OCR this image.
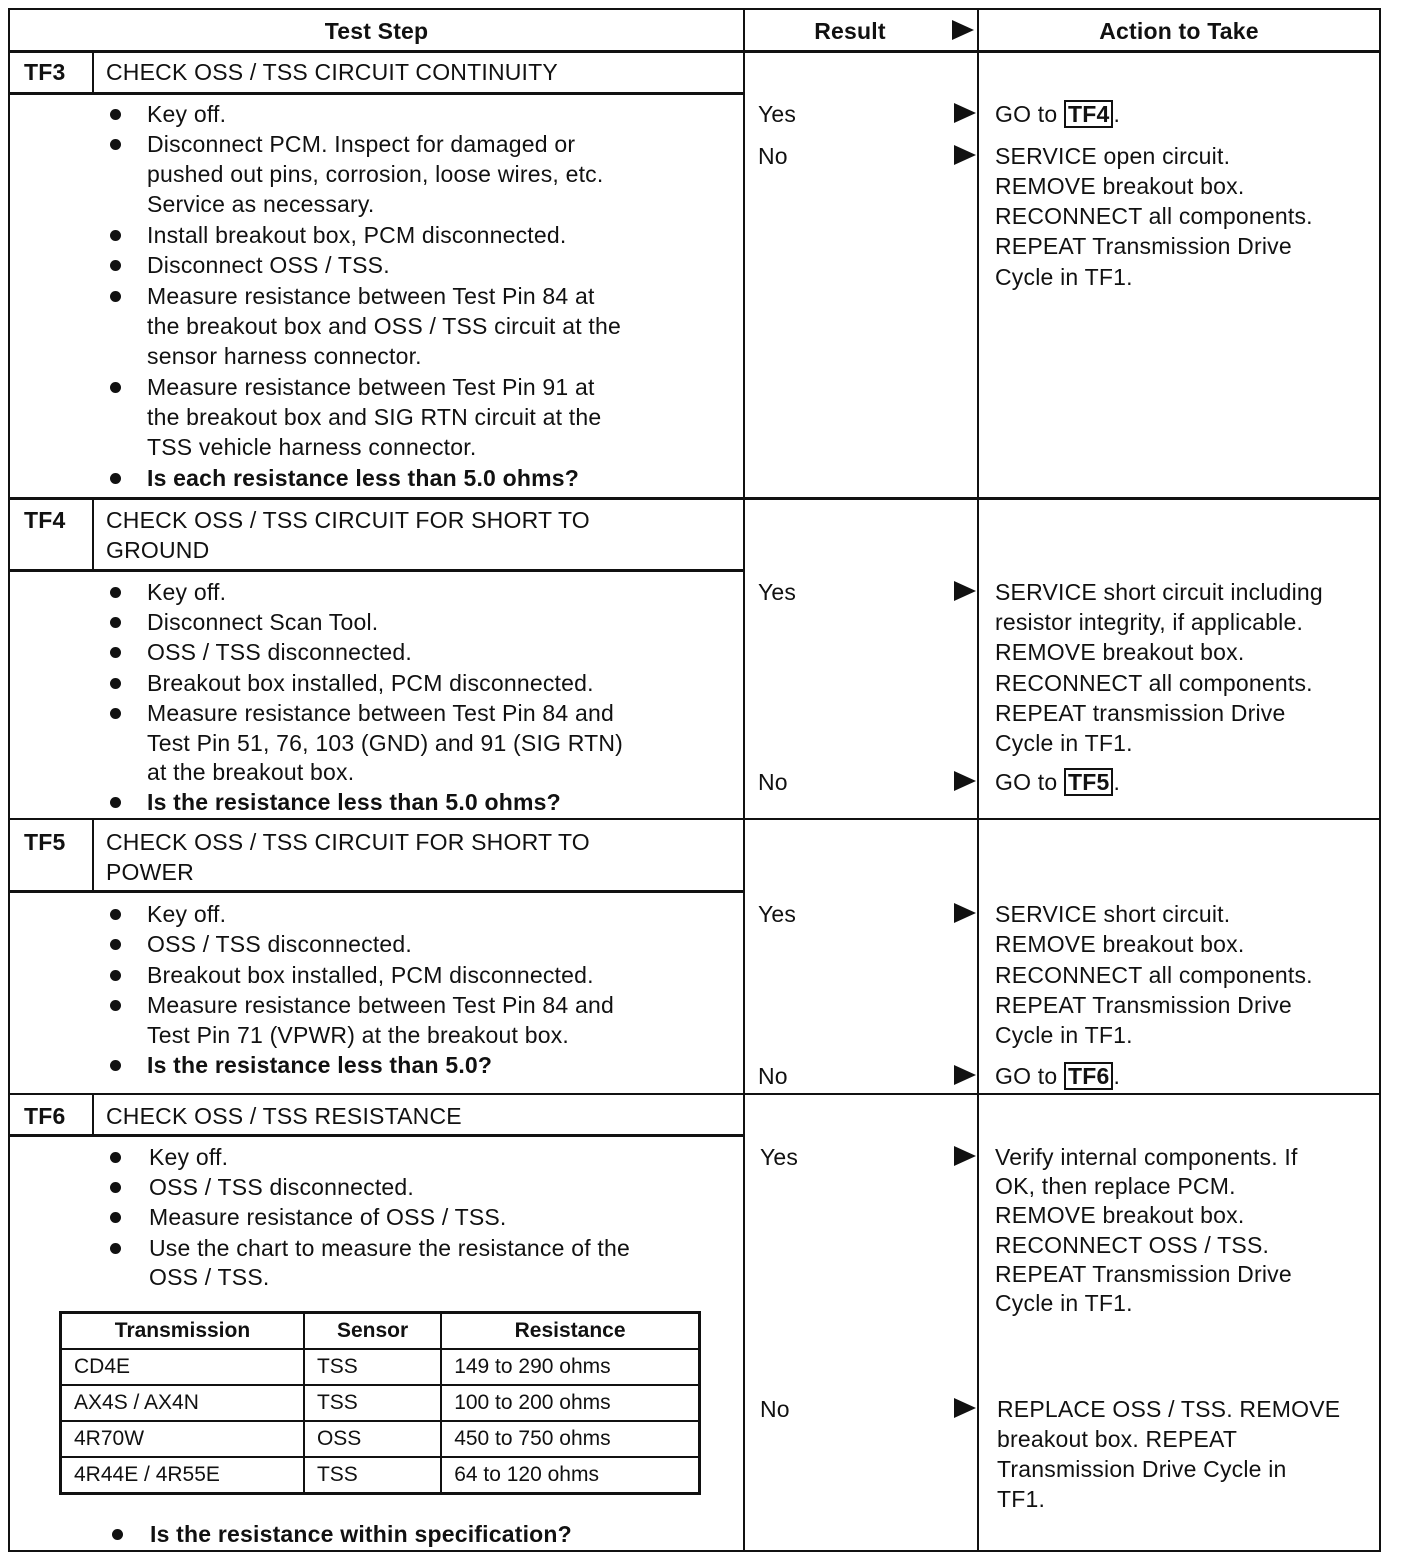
Test Step	Result	Action to Take
TF3 CHECK OSS / TSS CIRCUIT CONTINUITY
Key off.
Disconnect PCM. Inspect for damaged or
pushed out pins, corrosion, loose wires, etc.
Service as necessary.
Install breakout box, PCM disconnected.
Disconnect OSS / TSS.
Measure resistance between Test Pin 84 at
the breakout box and OSS / TSS circuit at the
sensor harness connector.
Measure resistance between Test Pin 91 at
the breakout box and SIG RTN circuit at the
TSS vehicle harness connector.
Is each resistance less than 5.0 ohms?
Yes	GO to TF4 .
No	SERVICE open circuit.
REMOVE breakout box.
RECONNECT all components.
REPEAT Transmission Drive
Cycle in TF1.
TF4 CHECK OSS / TSS CIRCUIT FOR SHORT TO
GROUND
Key off.
Disconnect Scan Tool.
OSS / TSS disconnected.
Breakout box installed, PCM disconnected.
Measure resistance between Test Pin 84 and
Test Pin 51, 76, 103 (GND) and 91 (SIG RTN)
at the breakout box.
Is the resistance less than 5.0 ohms?
Yes	SERVICE short circuit including
resistor integrity, if applicable.
REMOVE breakout box.
RECONNECT all components.
REPEAT transmission Drive
Cycle in TF1.
No	GO to TF5 .
TF5 CHECK OSS / TSS CIRCUIT FOR SHORT TO
POWER
Key off.
OSS / TSS disconnected.
Breakout box installed, PCM disconnected.
Measure resistance between Test Pin 84 and
Test Pin 71 (VPWR) at the breakout box.
Is the resistance less than 5.0?
Yes	SERVICE short circuit.
REMOVE breakout box.
RECONNECT all components.
REPEAT Transmission Drive
Cycle in TF1.
No	GO to TF6 .
TF6 CHECK OSS / TSS RESISTANCE
Key off.
OSS / TSS disconnected.
Measure resistance of OSS / TSS.
Use the chart to measure the resistance of the
OSS / TSS.
Transmission	Sensor	Resistance
CD4E	TSS	149 to 290 ohms
AX4S / AX4N	TSS	100 to 200 ohms
4R70W	OSS	450 to 750 ohms
4R44E / 4R55E	TSS	64 to 120 ohms
Is the resistance within specification?
Yes	Verify internal components. If
OK, then replace PCM.
REMOVE breakout box.
RECONNECT OSS / TSS.
REPEAT Transmission Drive
Cycle in TF1.
No	REPLACE OSS / TSS. REMOVE
breakout box. REPEAT
Transmission Drive Cycle in
TF1.
